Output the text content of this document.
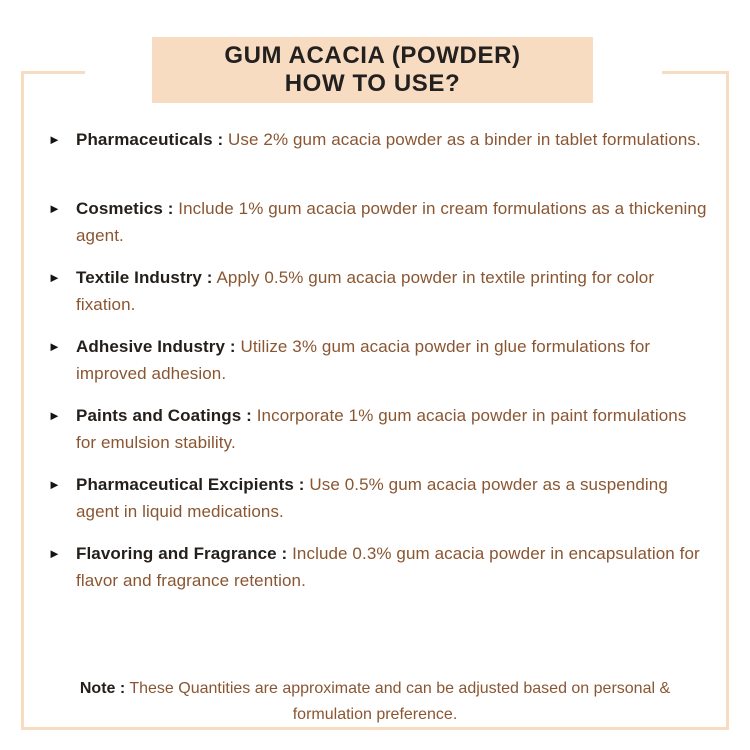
GUM ACACIA (POWDER)
HOW TO USE?
► Pharmaceuticals : Use 2% gum acacia powder as a binder in tablet formulations.

► Cosmetics : Include 1% gum acacia powder in cream formulations as a thickening agent.

► Textile Industry : Apply 0.5% gum acacia powder in textile printing for color fixation.

► Adhesive Industry : Utilize 3% gum acacia powder in glue formulations for improved adhesion.

► Paints and Coatings : Incorporate 1% gum acacia powder in paint formulations for emulsion stability.

► Pharmaceutical Excipients : Use 0.5% gum acacia powder as a suspending agent in liquid medications.

► Flavoring and Fragrance : Include 0.3% gum acacia powder in encapsulation for flavor and fragrance retention.

Note : These Quantities are approximate and can be adjusted based on personal & formulation preference.
